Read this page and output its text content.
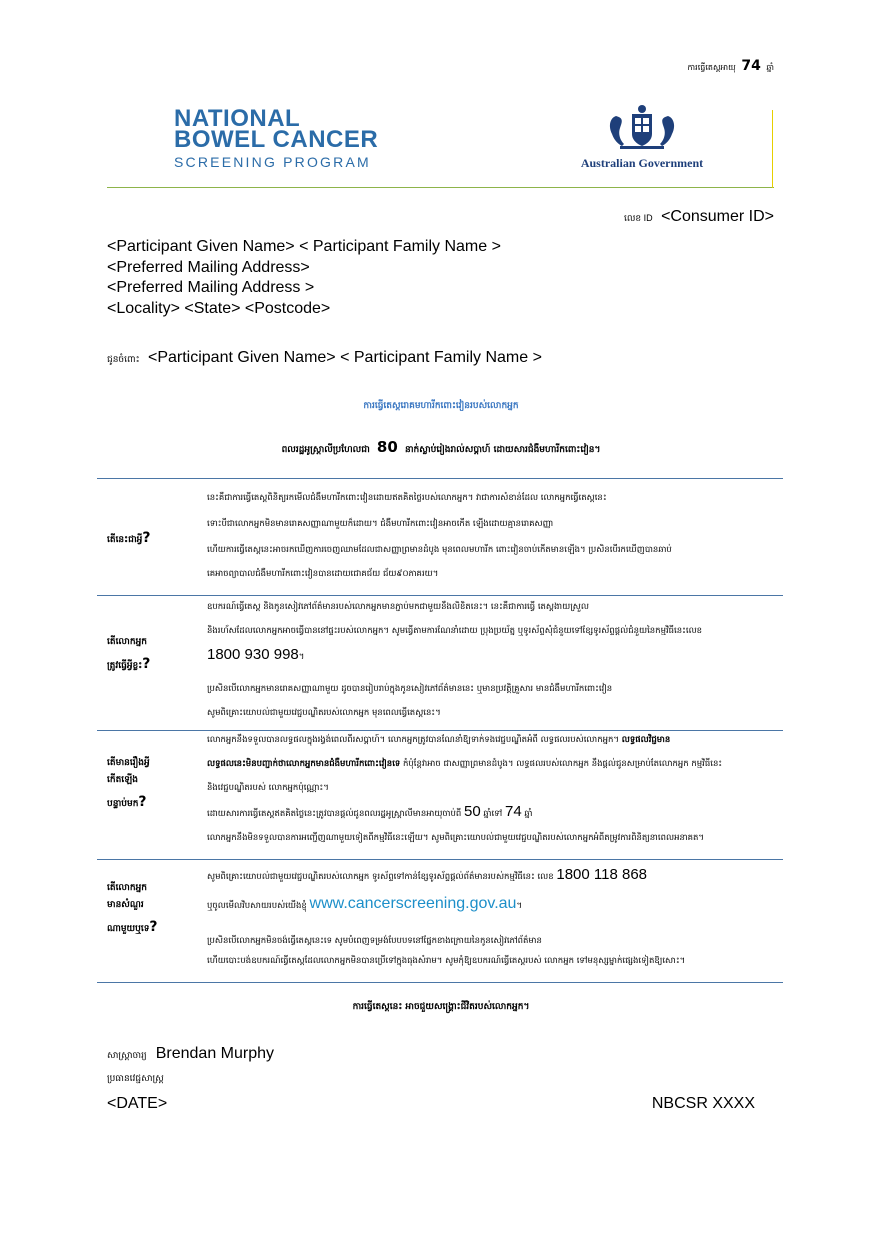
ការធ្វើតេស្តអាយុ 74 ឆ្នាំ
NATIONAL
BOWEL CANCER
SCREENING PROGRAM	Australian Government
លេខ ID <Consumer ID>
<Participant Given Name> < Participant Family Name >
<Preferred Mailing Address>
<Preferred Mailing Address >
<Locality> <State> <Postcode>
ជូនចំពោះ <Participant Given Name> < Participant Family Name >
ការធ្វើតេស្តរោគមហារីកពោះវៀនរបស់លោកអ្នក
ពលរដ្ឋអូស្ត្រាលីប្រហែលជា 80 នាក់ស្លាប់រៀងរាល់សប្តាហ៍ ដោយសារជំងឺមហារីកពោះវៀន។
តើនេះជាអ្វី?
នេះគឺជាការធ្វើតេស្តពិនិត្យរកមើលជំងឺមហារីកពោះវៀនដោយឥតគិតថ្លៃរបស់លោកអ្នក។ វាជាការសំខាន់ដែល លោកអ្នកធ្វើតេស្តនេះ
ទោះបីជាលោកអ្នកមិនមានរោគសញ្ញាណាមួយក៏ដោយ។ ជំងឺមហារីកពោះវៀនអាចកើត ឡើងដោយគ្មានរោគសញ្ញា
ហើយការធ្វើតេស្តនេះអាចរកឃើញការចេញឈាមដែលជាសញ្ញាព្រមានដំបូង មុនពេលមហារីក ពោះវៀនចាប់កើតមានឡើង។ ប្រសិនបើរកឃើញបានឆាប់
គេអាចព្យាបាលជំងឺមហារីកពោះវៀនបានដោយជោគជ័យ ជ័យ៩០ភាគរយ។
តើលោកអ្នក
ត្រូវធ្វើអ្វីខ្លះ?
ឧបករណ៍ធ្វើតេស្ត និងកូនសៀវភៅព័ត៌មានរបស់លោកអ្នកមានភ្ជាប់មកជាមួយនឹងលិខិតនេះ។ នេះគឺជាការធ្វើ តេស្តងាយស្រួល
និងរហ័សដែលលោកអ្នកអាចធ្វើបាននៅផ្ទះរបស់លោកអ្នក។ សូមធ្វើតាមការណែនាំដោយ ប្រុងប្រយ័ត្ន ឬទូរស័ព្ទសុំជំនួយទៅខ្សែទូរស័ព្ទផ្តល់ជំនួយនៃកម្មវិធីនេះលេខ
1800 930 998។
ប្រសិនបើលោកអ្នកមានរោគសញ្ញាណាមួយ ដូចបានរៀបរាប់ក្នុងកូនសៀវភៅព័ត៌មាននេះ ឬមានប្រវត្តិគ្រួសារ មានជំងឺមហារីកពោះវៀន
សូមពិគ្រោះយោបល់ជាមួយវេជ្ជបណ្ឌិតរបស់លោកអ្នក មុនពេលធ្វើតេស្តនេះ។
តើមានរឿងអ្វី
កើតឡើង
បន្ទាប់មក?
លោកអ្នកនឹងទទួលបានលទ្ធផលក្នុងរង្វង់ពេលពីរសប្តាហ៍។ លោកអ្នកត្រូវបានណែនាំឱ្យទាក់ទងវេជ្ជបណ្ឌិតអំពី លទ្ធផលរបស់លោកអ្នក។ លទ្ធផលវិជ្ជមាន
លទ្ធផលនេះមិនបញ្ជាក់ថាលោកអ្នកមានជំងឺមហារីកពោះវៀនទេ កំប៉ុន្តែវាអាច ជាសញ្ញាព្រមានដំបូង។ លទ្ធផលរបស់លោកអ្នក នឹងផ្តល់ជូនសម្រាប់តែលោកអ្នក កម្មវិធីនេះ
និងវេជ្ជបណ្ឌិតរបស់ លោកអ្នកប៉ុណ្ណោះ។
ដោយសារការធ្វើតេស្តឥតគិតថ្លៃនេះត្រូវបានផ្តល់ជូនពលរដ្ឋអូស្ត្រាលីមានអាយុចាប់ពី 50 ឆ្នាំទៅ 74 ឆ្នាំ
លោកអ្នកនឹងមិនទទួលបានការអញ្ជើញណាមួយទៀតពីកម្មវិធីនេះឡើយ។ សូមពិគ្រោះយោបល់ជាមួយវេជ្ជបណ្ឌិតរបស់លោកអ្នកអំពីតម្រូវការពិនិត្យនាពេលអនាគត។
តើលោកអ្នក
មានសំណួរ
ណាមួយឬទេ?
សូមពិគ្រោះយោបល់ជាមួយវេជ្ជបណ្ឌិតរបស់លោកអ្នក ទូរស័ព្ទទៅកាន់ខ្សែទូរស័ព្ទផ្តល់ព័ត៌មានរបស់កម្មវិធីនេះ លេខ 1800 118 868
ឬចូលមើលវិបសាយរបស់យើងខ្ញុំ www.cancerscreening.gov.au។
ប្រសិនបើលោកអ្នកមិនចង់ធ្វើតេស្តនេះទេ សូមបំពេញទម្រង់បែបបទនៅផ្នែកខាងក្រោយនៃកូនសៀវភៅព័ត៌មាន
ហើយបោះបង់ឧបករណ៍ធ្វើតេស្តដែលលោកអ្នកមិនបានប្រើទៅក្នុងធុងសំរាម។ សូមកុំឱ្យឧបករណ៍ធ្វើតេស្តរបស់ លោកអ្នក ទៅមនុស្សម្នាក់ផ្សេងទៀតឱ្យសោះ។
ការធ្វើតេស្តនេះ អាចជួយសង្គ្រោះជីវិតរបស់លោកអ្នក។
សាស្ត្រាចារ្យ Brendan Murphy
ប្រធានវេជ្ជសាស្ត្រ
<DATE>	NBCSR XXXX
